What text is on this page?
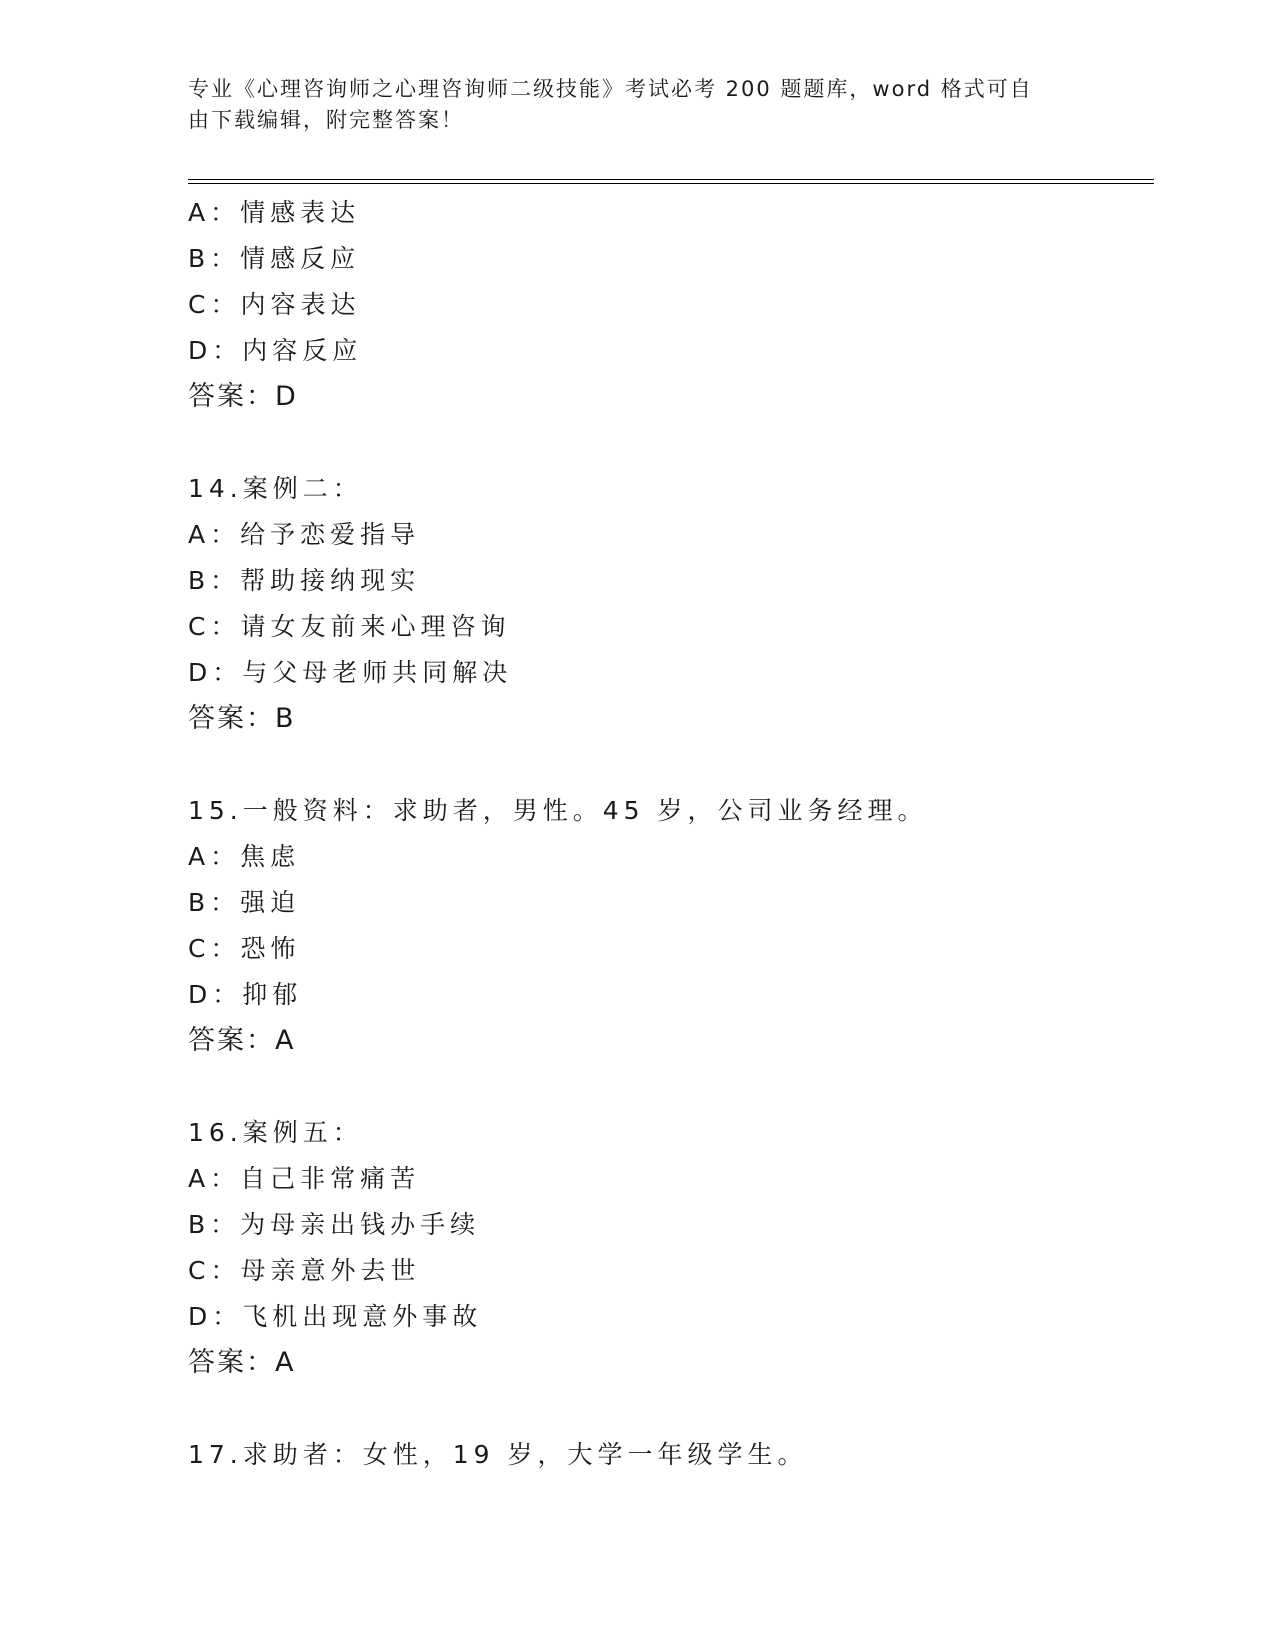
专业《心理咨询师之心理咨询师二级技能》考试必考 200 题题库，word 格式可自
由下载编辑，附完整答案！
A：情感表达
B：情感反应
C：内容表达
D：内容反应
答案：D
14.案例二：
A：给予恋爱指导
B：帮助接纳现实
C：请女友前来心理咨询
D：与父母老师共同解决
答案：B
15.一般资料：求助者，男性。45 岁，公司业务经理。
A：焦虑
B：强迫
C：恐怖
D：抑郁
答案：A
16.案例五：
A：自己非常痛苦
B：为母亲出钱办手续
C：母亲意外去世
D：飞机出现意外事故
答案：A
17.求助者：女性，19 岁，大学一年级学生。
